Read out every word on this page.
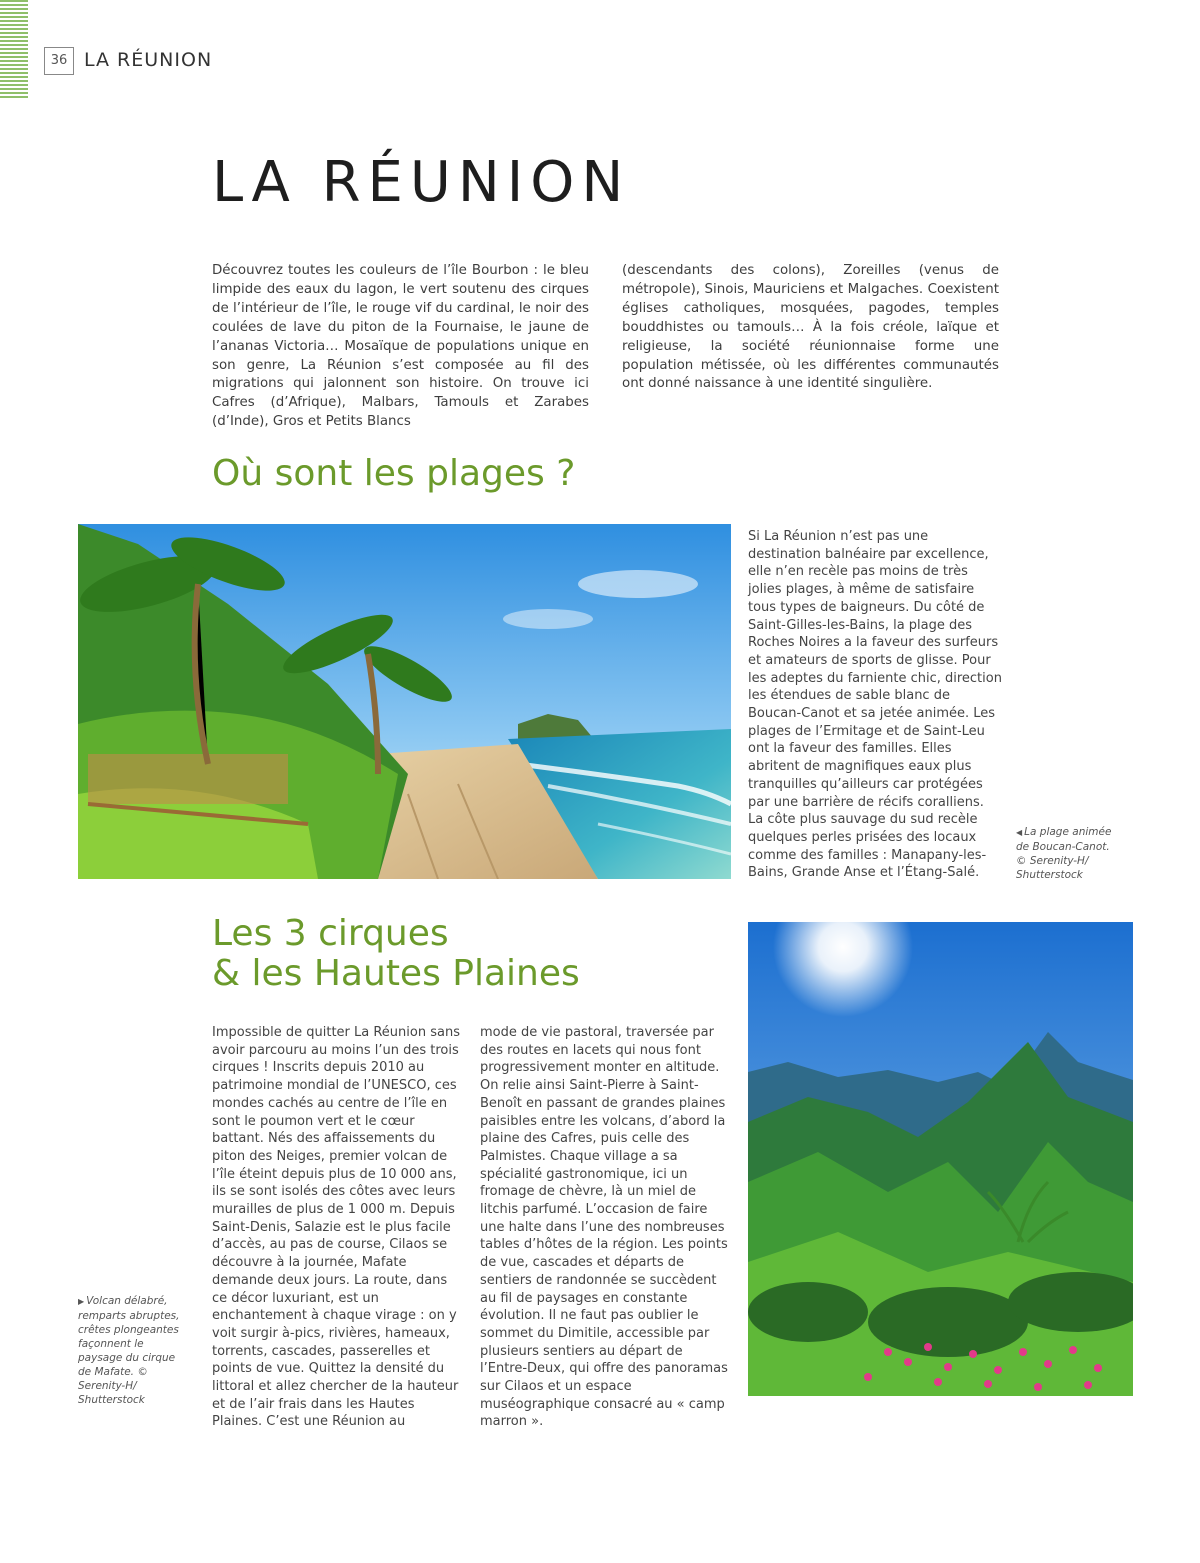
36 LA RÉUNION
LA RÉUNION

Découvrez toutes les couleurs de l’île Bourbon : le bleu limpide des eaux du lagon, le vert soutenu des cirques de l’intérieur de l’île, le rouge vif du cardinal, le noir des coulées de lave du piton de la Fournaise, le jaune de l’ananas Victoria… Mosaïque de populations unique en son genre, La Réunion s’est composée au fil des migrations qui jalonnent son histoire. On trouve ici Cafres (d’Afrique), Malbars, Tamouls et Zarabes (d’Inde), Gros et Petits Blancs

(descendants des colons), Zoreilles (venus de métropole), Sinois, Mauriciens et Malgaches. Coexistent églises catholiques, mosquées, pagodes, temples bouddhistes ou tamouls… À la fois créole, laïque et religieuse, la société réunionnaise forme une population métissée, où les différentes communautés ont donné naissance à une identité singulière.

Où sont les plages ?

Si La Réunion n’est pas une destination balnéaire par excellence, elle n’en recèle pas moins de très jolies plages, à même de satisfaire tous types de baigneurs. Du côté de Saint-Gilles-les-Bains, la plage des Roches Noires a la faveur des surfeurs et amateurs de sports de glisse. Pour les adeptes du farniente chic, direction les étendues de sable blanc de Boucan-Canot et sa jetée animée. Les plages de l’Ermitage et de Saint-Leu ont la faveur des familles. Elles abritent de magnifiques eaux plus tranquilles qu’ailleurs car protégées par une barrière de récifs coralliens. La côte plus sauvage du sud recèle quelques perles prisées des locaux comme des familles : Manapany-les-Bains, Grande Anse et l’Étang-Salé.

◀ La plage animée de Boucan-Canot. © Serenity-H/ Shutterstock

Les 3 cirques
& les Hautes Plaines

Impossible de quitter La Réunion sans avoir parcouru au moins l’un des trois cirques ! Inscrits depuis 2010 au patrimoine mondial de l’UNESCO, ces mondes cachés au centre de l’île en sont le poumon vert et le cœur battant. Nés des affaissements du piton des Neiges, premier volcan de l’île éteint depuis plus de 10 000 ans, ils se sont isolés des côtes avec leurs murailles de plus de 1 000 m. Depuis Saint-Denis, Salazie est le plus facile d’accès, au pas de course, Cilaos se découvre à la journée, Mafate demande deux jours. La route, dans ce décor luxuriant, est un enchantement à chaque virage : on y voit surgir à-pics, rivières, hameaux, torrents, cascades, passerelles et points de vue. Quittez la densité du littoral et allez chercher de la hauteur et de l’air frais dans les Hautes Plaines. C’est une Réunion au

mode de vie pastoral, traversée par des routes en lacets qui nous font progressivement monter en altitude. On relie ainsi Saint-Pierre à Saint-Benoît en passant de grandes plaines paisibles entre les volcans, d’abord la plaine des Cafres, puis celle des Palmistes. Chaque village a sa spécialité gastronomique, ici un fromage de chèvre, là un miel de litchis parfumé. L’occasion de faire une halte dans l’une des nombreuses tables d’hôtes de la région. Les points de vue, cascades et départs de sentiers de randonnée se succèdent au fil de paysages en constante évolution. Il ne faut pas oublier le sommet du Dimitile, accessible par plusieurs sentiers au départ de l’Entre-Deux, qui offre des panoramas sur Cilaos et un espace muséographique consacré au « camp marron ».

▶ Volcan délabré, remparts abruptes, crêtes plongeantes façonnent le paysage du cirque de Mafate. © Serenity-H/ Shutterstock
